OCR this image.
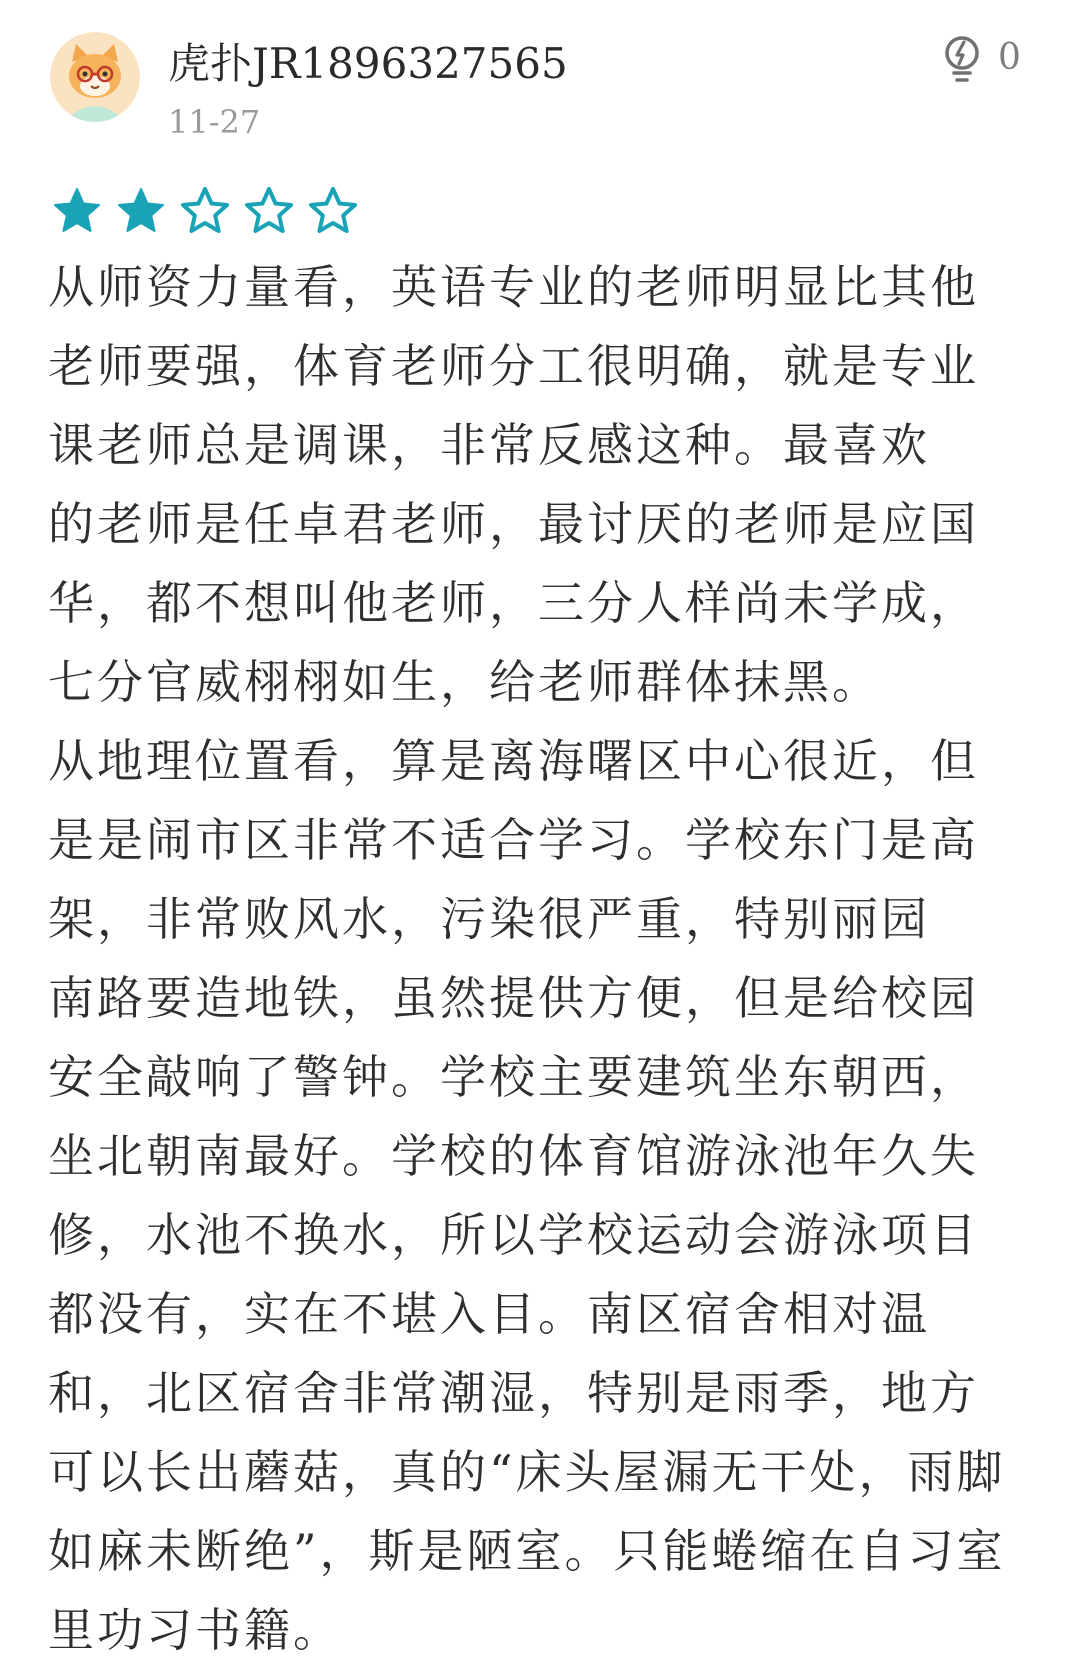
虎扑JR1896327565
11-27
0
从师资力量看，英语专业的老师明显比其他
老师要强，体育老师分工很明确，就是专业
课老师总是调课，非常反感这种。最喜欢
的老师是任卓君老师，最讨厌的老师是应国
华，都不想叫他老师，三分人样尚未学成，
七分官威栩栩如生，给老师群体抹黑。
从地理位置看，算是离海曙区中心很近，但
是是闹市区非常不适合学习。学校东门是高
架，非常败风水，污染很严重，特别丽园
南路要造地铁，虽然提供方便，但是给校园
安全敲响了警钟。学校主要建筑坐东朝西，
坐北朝南最好。学校的体育馆游泳池年久失
修，水池不换水，所以学校运动会游泳项目
都没有，实在不堪入目。南区宿舍相对温
和，北区宿舍非常潮湿，特别是雨季，地方
可以长出蘑菇，真的“床头屋漏无干处，雨脚
如麻未断绝”，斯是陋室。只能蜷缩在自习室
里功习书籍。
